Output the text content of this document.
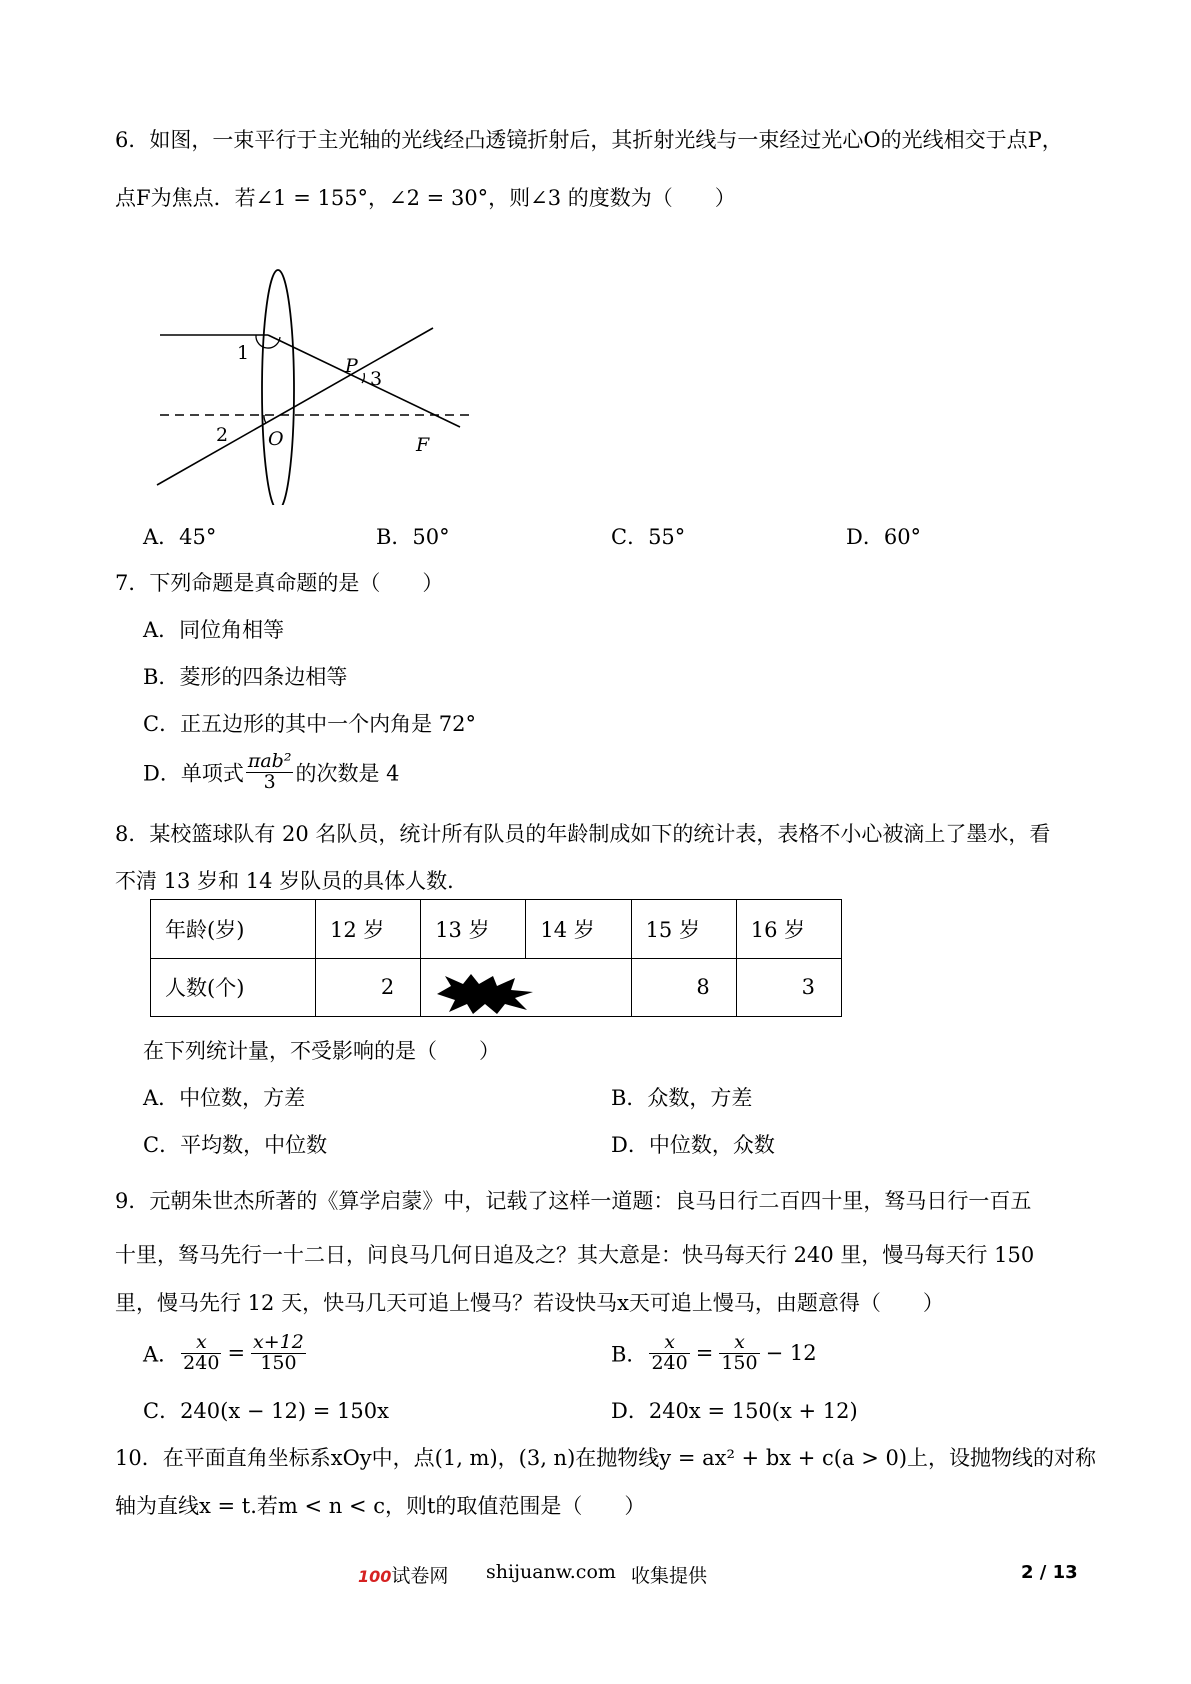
6．如图，一束平行于主光轴的光线经凸透镜折射后，其折射光线与一束经过光心O的光线相交于点P，
点F为焦点．若∠1 = 155°，∠2 = 30°，则∠3 的度数为（　　）
1
2
3
P
O	F
A．45°	B．50°	C．55°	D．60°
7．下列命题是真命题的是（　　）
A．同位角相等
B．菱形的四条边相等
C．正五边形的其中一个内角是 72°
D．单项式 $\frac{\text{πab²}}{3}$ 的次数是 4
8．某校篮球队有 20 名队员，统计所有队员的年龄制成如下的统计表，表格不小心被滴上了墨水，看
不清 13 岁和 14 岁队员的具体人数．
年龄(岁)	12 岁	13 岁	14 岁	15 岁	16 岁
人数(个)	2			8	3
在下列统计量，不受影响的是（　　）
A．中位数，方差	B．众数，方差
C．平均数，中位数	D．中位数，众数
9．元朝朱世杰所著的《算学启蒙》中，记载了这样一道题：良马日行二百四十里，驽马日行一百五
十里，驽马先行一十二日，问良马几何日追及之？其大意是：快马每天行 240 里，慢马每天行 150
里，慢马先行 12 天，快马几天可追上慢马？若设快马x天可追上慢马，由题意得（　　）
A． $\frac{x}{240} = \frac{x+12}{150}$	B． $\frac{x}{240} = \frac{x}{150} - 12$
C．240(x − 12) = 150x	D．240x = 150(x + 12)
10．在平面直角坐标系xOy中，点(1, m)，(3, n)在抛物线y = ax² + bx + c(a > 0)上，设抛物线的对称
轴为直线x = t.若m < n < c，则t的取值范围是（　　）
100试卷网 shijuanw.com 收集提供	2 / 13
